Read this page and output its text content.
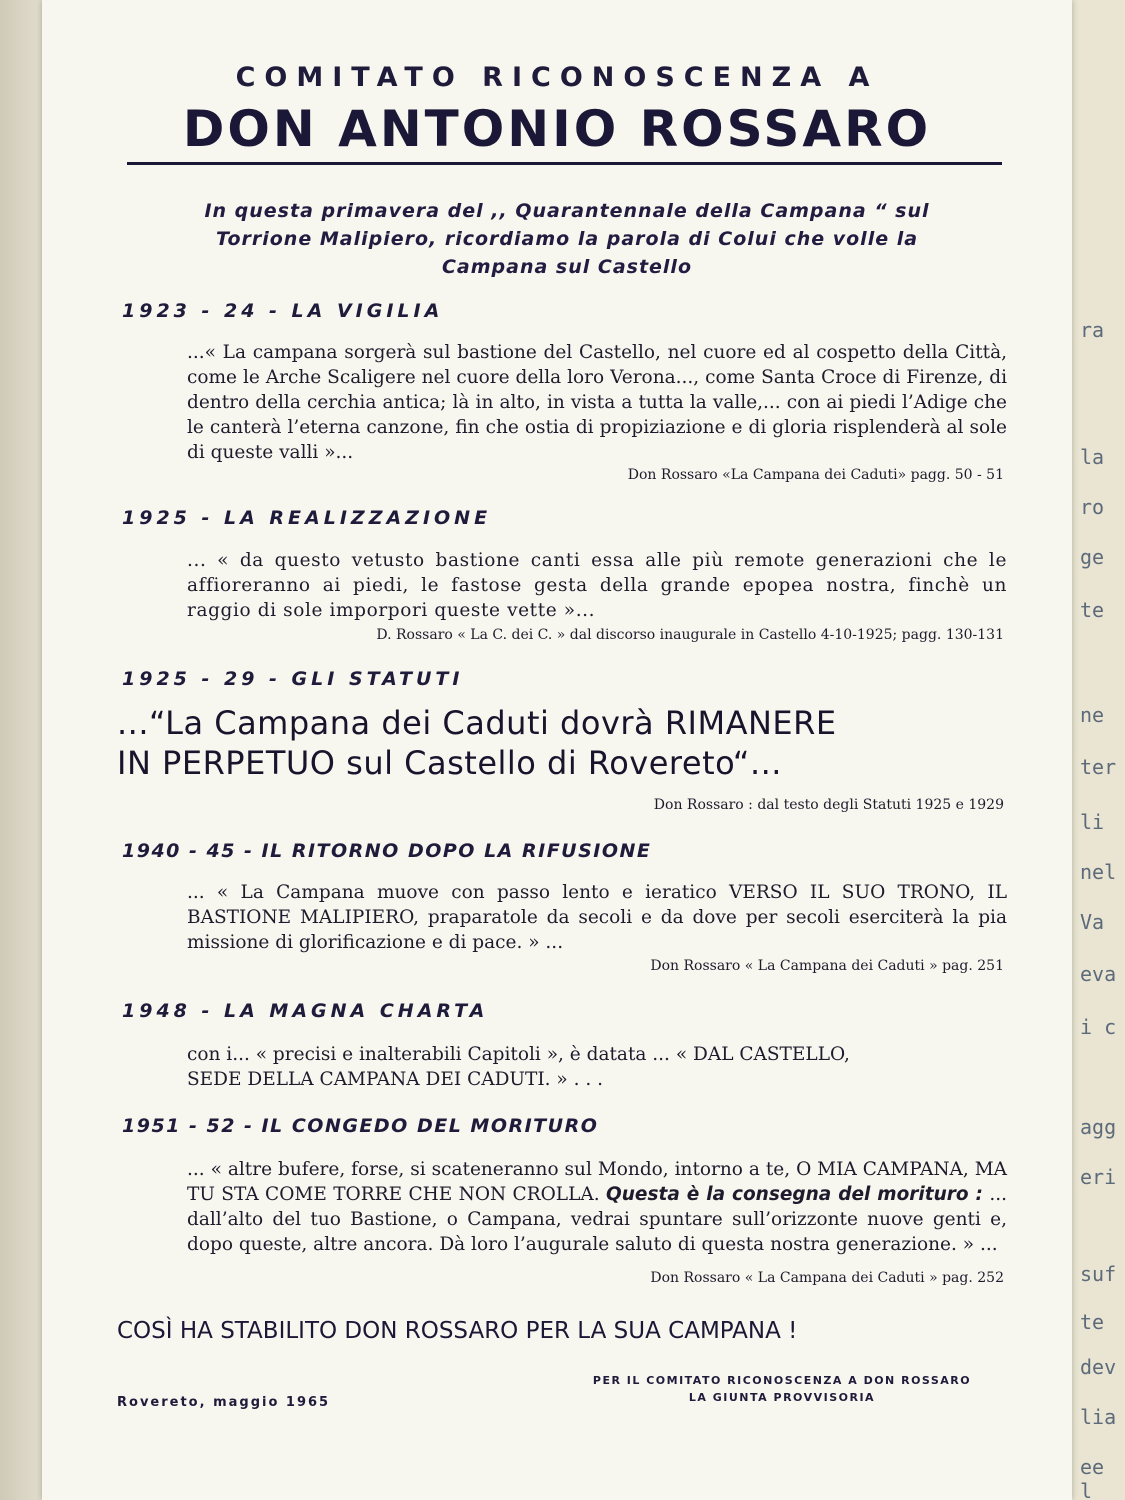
ra
la
ro
ge
te
ne
ter
li
nel
Va
eva
i c
agg
eri
suf
te
dev
lia
ee l
COMITATO RICONOSCENZA A
DON ANTONIO ROSSARO
In questa primavera del ,, Quarantennale della Campana “ sul
Torrione Malipiero, ricordiamo la parola di Colui che volle la
Campana sul Castello
1923 - 24 - LA VIGILIA
...« La campana sorgerà sul bastione del Castello, nel cuore ed al cospetto della Città, come le Arche Scaligere nel cuore della loro Verona..., come Santa Croce di Firenze, di dentro della cerchia antica; là in alto, in vista a tutta la valle,... con ai piedi l’Adige che le canterà l’eterna canzone, fin che ostia di propiziazione e di gloria risplenderà al sole di queste valli »...
Don Rossaro «La Campana dei Caduti» pagg. 50 - 51
1925 - LA REALIZZAZIONE
... « da questo vetusto bastione canti essa alle più remote generazioni che le affioreranno ai piedi, le fastose gesta della grande epopea nostra, finchè un raggio di sole imporpori queste vette »...
D. Rossaro « La C. dei C. » dal discorso inaugurale in Castello 4-10-1925; pagg. 130-131
1925 - 29 - GLI STATUTI
...“La Campana dei Caduti dovrà RIMANERE
IN PERPETUO sul Castello di Rovereto“...
Don Rossaro : dal testo degli Statuti 1925 e 1929
1940 - 45 - IL RITORNO DOPO LA RIFUSIONE
... « La Campana muove con passo lento e ieratico VERSO IL SUO TRONO, IL BASTIONE MALIPIERO, praparatole da secoli e da dove per secoli eserciterà la pia missione di glorificazione e di pace. » ...
Don Rossaro « La Campana dei Caduti » pag. 251
1948 - LA MAGNA CHARTA
con i... « precisi e inalterabili Capitoli », è datata ... « DAL CASTELLO,
SEDE DELLA CAMPANA DEI CADUTI. » . . .
1951 - 52 - IL CONGEDO DEL MORITURO
... « altre bufere, forse, si scateneranno sul Mondo, intorno a te, O MIA CAMPANA, MA TU STA COME TORRE CHE NON CROLLA. Questa è la consegna del morituro : ... dall’alto del tuo Bastione, o Campana, vedrai spuntare sull’orizzonte nuove genti e, dopo queste, altre ancora. Dà loro l’augurale saluto di questa nostra generazione. » ...
Don Rossaro « La Campana dei Caduti » pag. 252
COSÌ HA STABILITO DON ROSSARO PER LA SUA CAMPANA !
Rovereto, maggio 1965
PER IL COMITATO RICONOSCENZA A DON ROSSARO
LA GIUNTA PROVVISORIA
